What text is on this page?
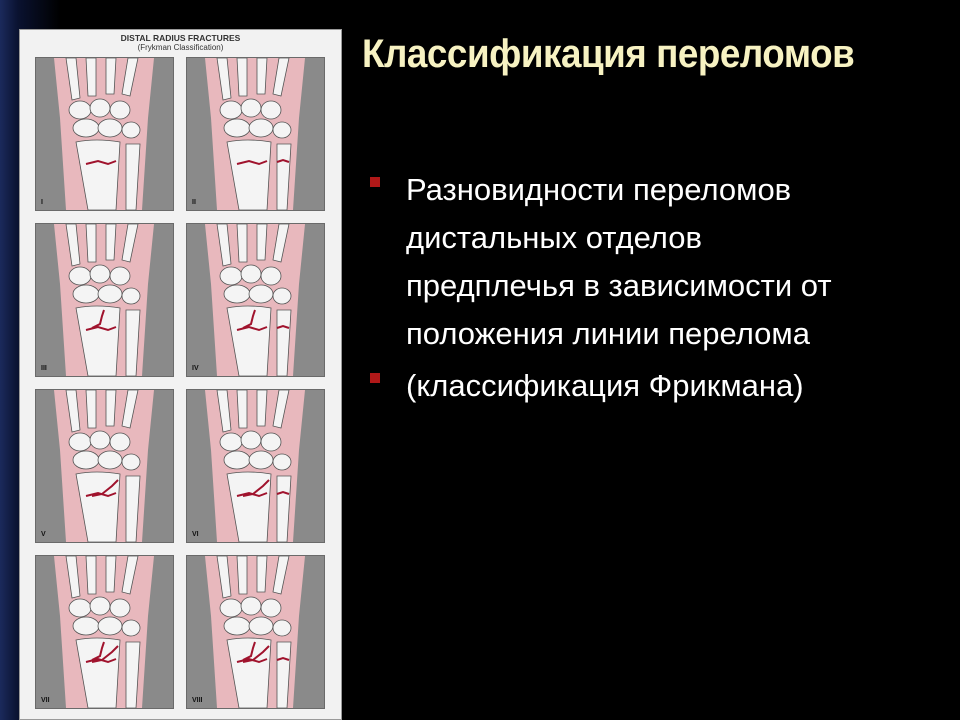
DISTAL RADIUS FRACTURES
(Frykman Classification)
I	II
III	IV
V	VI
VII	VIII
Классификация переломов
Разновидности переломов
дистальных отделов
предплечья в зависимости от
положения линии перелома
(классификация Фрикмана)
